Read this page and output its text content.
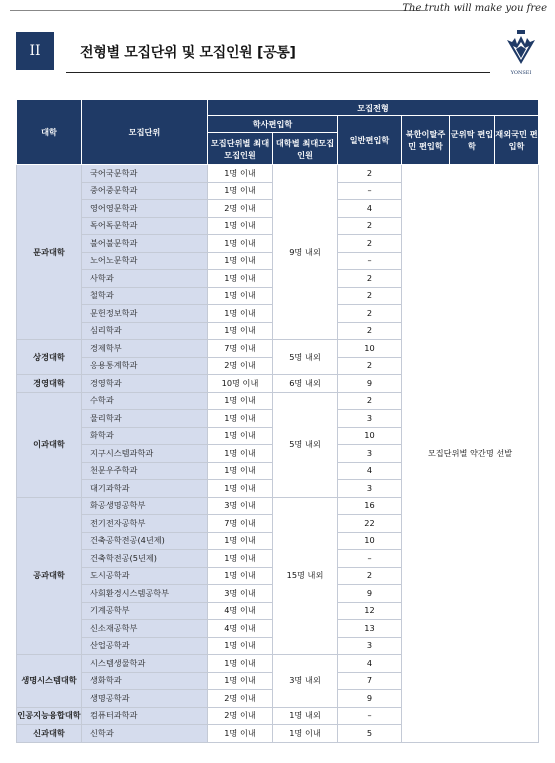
The truth will make you free
II	전형별 모집단위 및 모집인원 [공통]
YONSEI
대학	모집단위	모집전형					
		학사편입학		일반편입학	북한이탈주민 편입학	군위탁 편입학	재외국민 편입학
		모집단위별 최대모집인원	대학별 최대모집인원				
문과대학	국어국문학과	1명 이내	9명 내외	2	모집단위별 약간명 선발		
	중어중문학과	1명 이내		–			
	영어영문학과	2명 이내		4			
	독어독문학과	1명 이내		2			
	불어불문학과	1명 이내		2			
	노어노문학과	1명 이내		–			
	사학과	1명 이내		2			
	철학과	1명 이내		2			
	문헌정보학과	1명 이내		2			
	심리학과	1명 이내		2			
상경대학	경제학부	7명 이내	5명 내외	10			
	응용통계학과	2명 이내		2			
경영대학	경영학과	10명 이내	6명 내외	9			
이과대학	수학과	1명 이내	5명 내외	2			
	물리학과	1명 이내		3			
	화학과	1명 이내		10			
	지구시스템과학과	1명 이내		3			
	천문우주학과	1명 이내		4			
	대기과학과	1명 이내		3			
공과대학	화공생명공학부	3명 이내	15명 내외	16			
	전기전자공학부	7명 이내		22			
	건축공학전공(4년제)	1명 이내		10			
	건축학전공(5년제)	1명 이내		–			
	도시공학과	1명 이내		2			
	사회환경시스템공학부	3명 이내		9			
	기계공학부	4명 이내		12			
	신소재공학부	4명 이내		13			
	산업공학과	1명 이내		3			
생명시스템대학	시스템생물학과	1명 이내	3명 내외	4			
	생화학과	1명 이내		7			
	생명공학과	2명 이내		9			
인공지능융합대학	컴퓨터과학과	2명 이내	1명 내외	–			
신과대학	신학과	1명 이내	1명 이내	5			
